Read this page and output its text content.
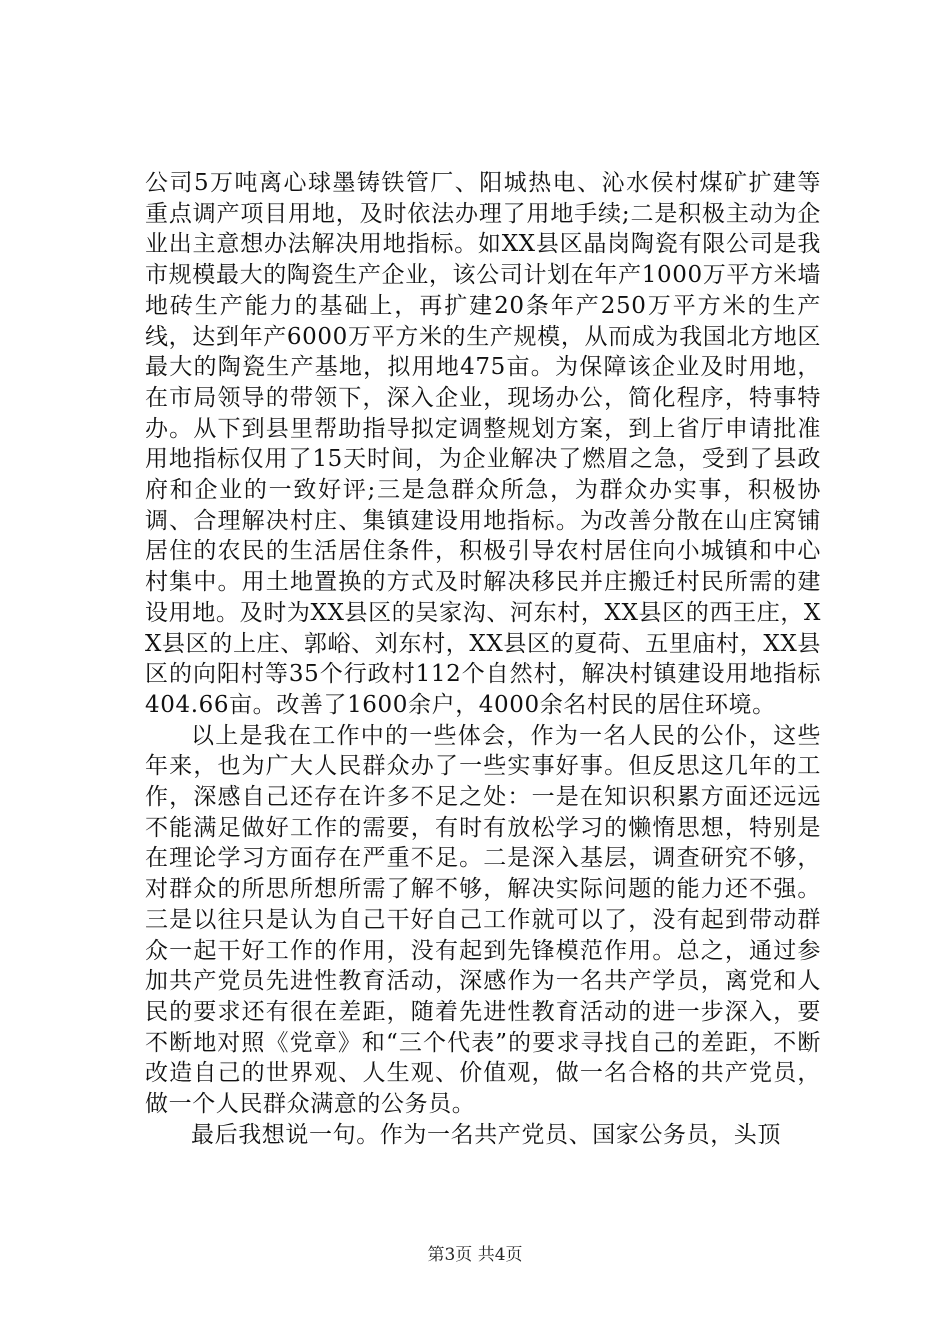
公司5万吨离心球墨铸铁管厂、阳城热电、沁水侯村煤矿扩建等重点调产项目用地，及时依法办理了用地手续;二是积极主动为企业出主意想办法解决用地指标。如XX县区晶岗陶瓷有限公司是我市规模最大的陶瓷生产企业，该公司计划在年产1000万平方米墙地砖生产能力的基础上，再扩建20条年产250万平方米的生产线，达到年产6000万平方米的生产规模，从而成为我国北方地区最大的陶瓷生产基地，拟用地475亩。为保障该企业及时用地，在市局领导的带领下，深入企业，现场办公，简化程序，特事特办。从下到县里帮助指导拟定调整规划方案，到上省厅申请批准用地指标仅用了15天时间，为企业解决了燃眉之急，受到了县政府和企业的一致好评;三是急群众所急，为群众办实事，积极协调、合理解决村庄、集镇建设用地指标。为改善分散在山庄窝铺居住的农民的生活居住条件，积极引导农村居住向小城镇和中心村集中。用土地置换的方式及时解决移民并庄搬迁村民所需的建设用地。及时为XX县区的吴家沟、河东村，XX县区的西王庄，XX县区的上庄、郭峪、刘东村，XX县区的夏荷、五里庙村，XX县区的向阳村等35个行政村112个自然村，解决村镇建设用地指标404.66亩。改善了1600余户，4000余名村民的居住环境。

以上是我在工作中的一些体会，作为一名人民的公仆，这些年来，也为广大人民群众办了一些实事好事。但反思这几年的工作，深感自己还存在许多不足之处：一是在知识积累方面还远远不能满足做好工作的需要，有时有放松学习的懒惰思想，特别是在理论学习方面存在严重不足。二是深入基层，调查研究不够，对群众的所思所想所需了解不够，解决实际问题的能力还不强。三是以往只是认为自己干好自己工作就可以了，没有起到带动群众一起干好工作的作用，没有起到先锋模范作用。总之，通过参加共产党员先进性教育活动，深感作为一名共产学员，离党和人民的要求还有很在差距，随着先进性教育活动的进一步深入，要不断地对照《党章》和“三个代表”的要求寻找自己的差距，不断改造自己的世界观、人生观、价值观，做一名合格的共产党员，做一个人民群众满意的公务员。

最后我想说一句。作为一名共产党员、国家公务员，头顶

第3页 共4页
